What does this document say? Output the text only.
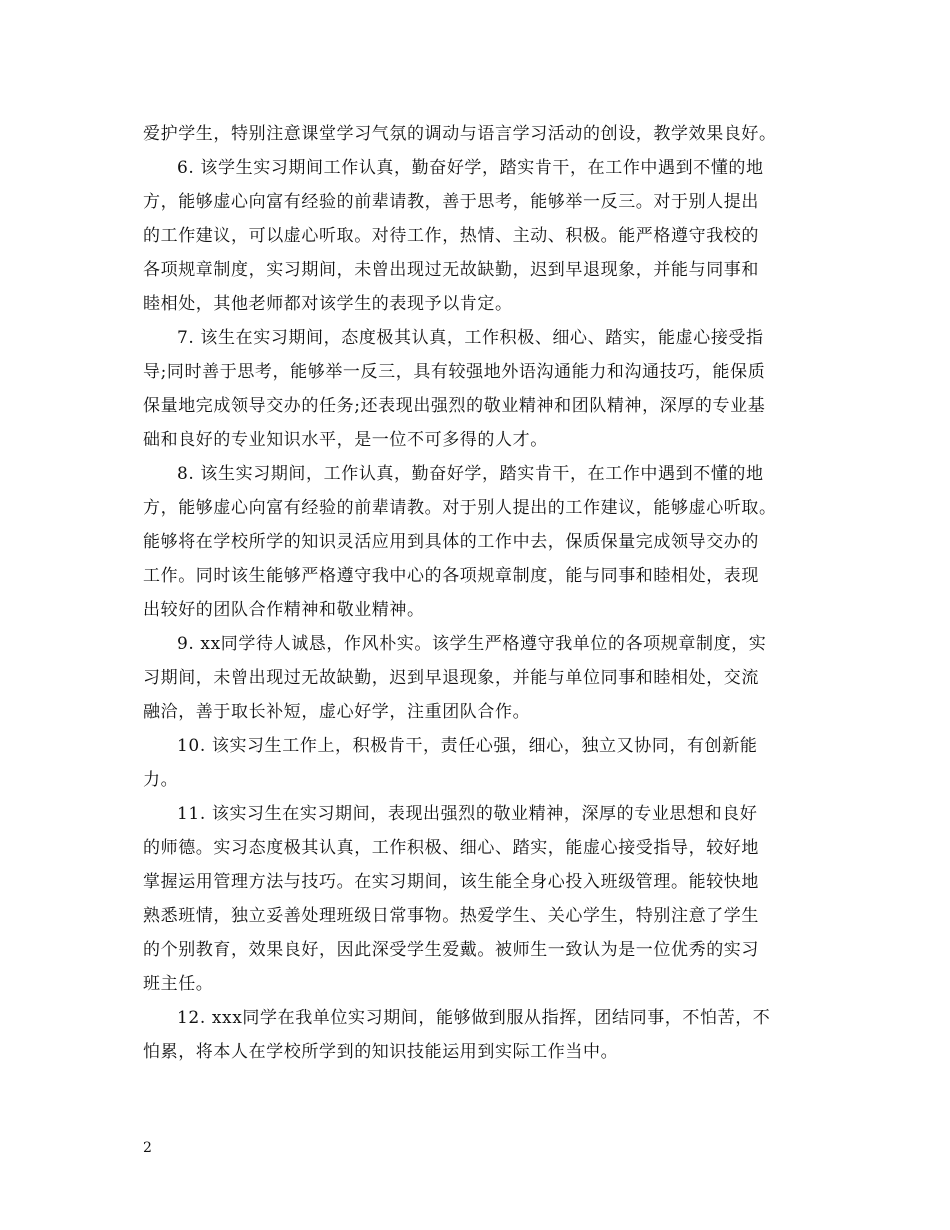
爱护学生，特别注意课堂学习气氛的调动与语言学习活动的创设，教学效果良好。
6. 该学生实习期间工作认真，勤奋好学，踏实肯干，在工作中遇到不懂的地
方，能够虚心向富有经验的前辈请教，善于思考，能够举一反三。对于别人提出
的工作建议，可以虚心听取。对待工作，热情、主动、积极。能严格遵守我校的
各项规章制度，实习期间，未曾出现过无故缺勤，迟到早退现象，并能与同事和
睦相处，其他老师都对该学生的表现予以肯定。
7. 该生在实习期间，态度极其认真，工作积极、细心、踏实，能虚心接受指
导;同时善于思考，能够举一反三，具有较强地外语沟通能力和沟通技巧，能保质
保量地完成领导交办的任务;还表现出强烈的敬业精神和团队精神，深厚的专业基
础和良好的专业知识水平，是一位不可多得的人才。
8. 该生实习期间，工作认真，勤奋好学，踏实肯干，在工作中遇到不懂的地
方，能够虚心向富有经验的前辈请教。对于别人提出的工作建议，能够虚心听取。
能够将在学校所学的知识灵活应用到具体的工作中去，保质保量完成领导交办的
工作。同时该生能够严格遵守我中心的各项规章制度，能与同事和睦相处，表现
出较好的团队合作精神和敬业精神。
9. xx同学待人诚恳，作风朴实。该学生严格遵守我单位的各项规章制度，实
习期间，未曾出现过无故缺勤，迟到早退现象，并能与单位同事和睦相处，交流
融洽，善于取长补短，虚心好学，注重团队合作。
10. 该实习生工作上，积极肯干，责任心强，细心，独立又协同，有创新能
力。
11. 该实习生在实习期间，表现出强烈的敬业精神，深厚的专业思想和良好
的师德。实习态度极其认真，工作积极、细心、踏实，能虚心接受指导，较好地
掌握运用管理方法与技巧。在实习期间，该生能全身心投入班级管理。能较快地
熟悉班情，独立妥善处理班级日常事物。热爱学生、关心学生，特别注意了学生
的个别教育，效果良好，因此深受学生爱戴。被师生一致认为是一位优秀的实习
班主任。
12. xxx同学在我单位实习期间，能够做到服从指挥，团结同事，不怕苦，不
怕累，将本人在学校所学到的知识技能运用到实际工作当中。
2
